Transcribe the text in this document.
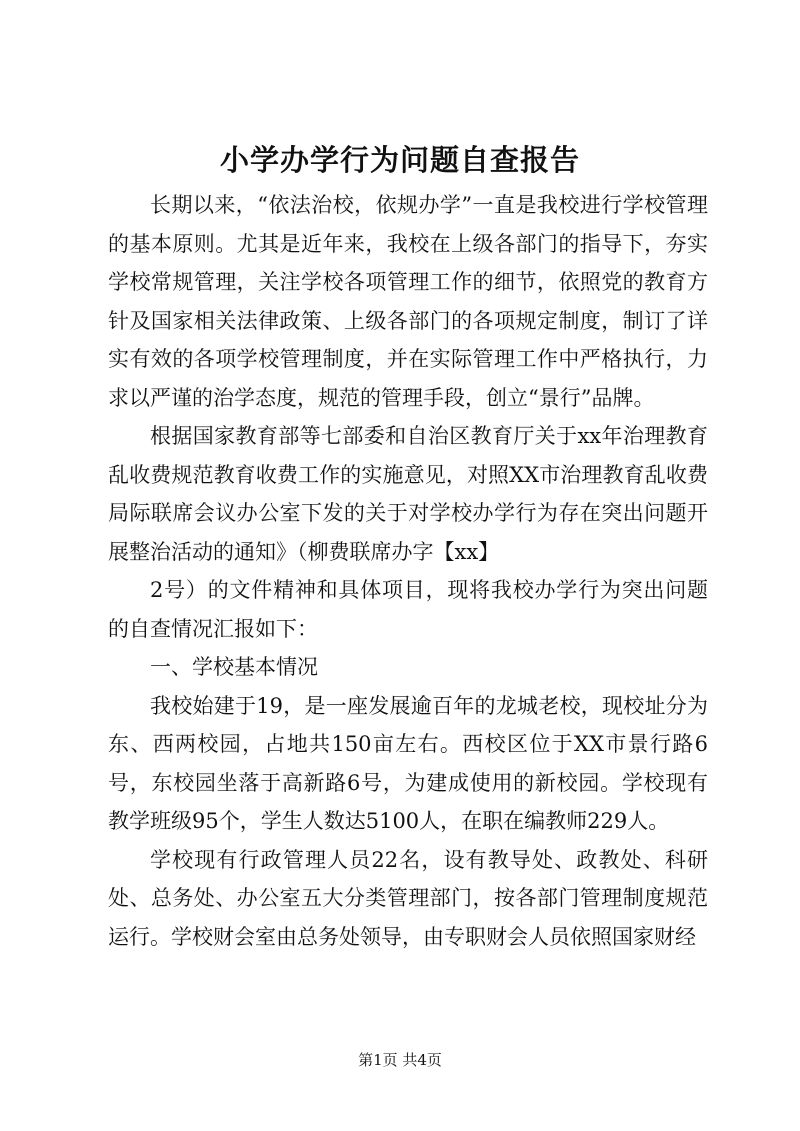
小学办学行为问题自查报告

长期以来，“依法治校，依规办学”一直是我校进行学校管理的基本原则。尤其是近年来，我校在上级各部门的指导下，夯实学校常规管理，关注学校各项管理工作的细节，依照党的教育方针及国家相关法律政策、上级各部门的各项规定制度，制订了详实有效的各项学校管理制度，并在实际管理工作中严格执行，力求以严谨的治学态度，规范的管理手段，创立“景行”品牌。

根据国家教育部等七部委和自治区教育厅关于xx年治理教育乱收费规范教育收费工作的实施意见，对照XX市治理教育乱收费局际联席会议办公室下发的关于对学校办学行为存在突出问题开展整治活动的通知》（柳费联席办字【xx】

2号）的文件精神和具体项目，现将我校办学行为突出问题的自查情况汇报如下：

一、学校基本情况

我校始建于19，是一座发展逾百年的龙城老校，现校址分为东、西两校园，占地共150亩左右。西校区位于XX市景行路6号，东校园坐落于高新路6号，为建成使用的新校园。学校现有教学班级95个，学生人数达5100人，在职在编教师229人。

学校现有行政管理人员22名，设有教导处、政教处、科研处、总务处、办公室五大分类管理部门，按各部门管理制度规范运行。学校财会室由总务处领导，由专职财会人员依照国家财经

第1页 共4页
